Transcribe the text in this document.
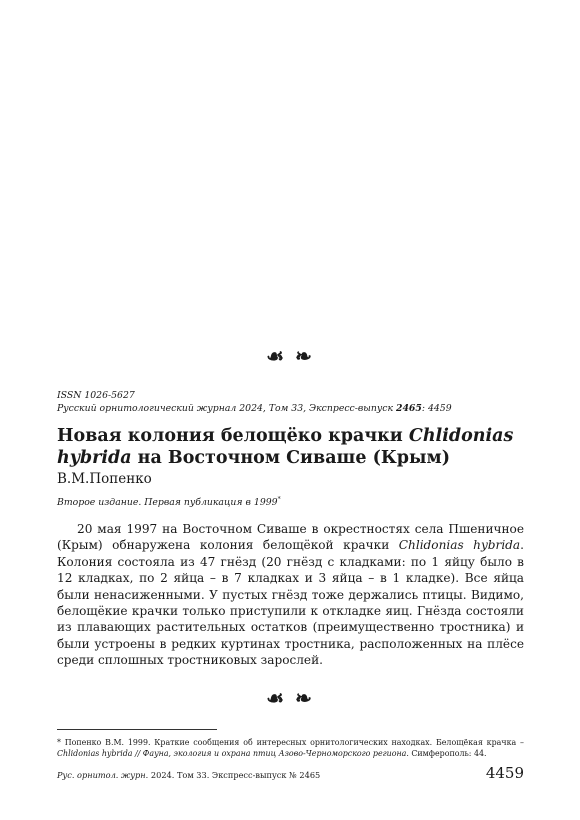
☙ ❧
ISSN 1026-5627
Русский орнитологический журнал 2024, Том 33, Экспресс-выпуск 2465: 4459
Новая колония белощёко крачки Chlidonias
hybrida на Восточном Сиваше (Крым)
В.М.Попенко
Второе издание. Первая публикация в 1999*

20 мая 1997 на Восточном Сиваше в окрестностях села Пшеничное (Крым) обнаружена колония белощёкой крачки Chlidonias hybrida. Колония состояла из 47 гнёзд (20 гнёзд с кладками: по 1 яйцу было в 12 кладках, по 2 яйца – в 7 кладках и 3 яйца – в 1 кладке). Все яйца были ненасиженными. У пустых гнёзд тоже держались птицы. Видимо, белощёкие крачки только приступили к откладке яиц. Гнёзда состояли из плавающих растительных остатков (преимущественно тростника) и были устроены в редких куртинах тростника, расположенных на плёсе среди сплошных тростниковых зарослей.

☙ ❧

* Попенко В.М. 1999. Краткие сообщения об интересных орнитологических находках. Белощёкая крачка – Chlidonias hybrida // Фауна, экология и охрана птиц Азово-Черноморского региона. Симферополь: 44.

Рус. орнитол. журн. 2024. Том 33. Экспресс-выпуск № 2465	4459
